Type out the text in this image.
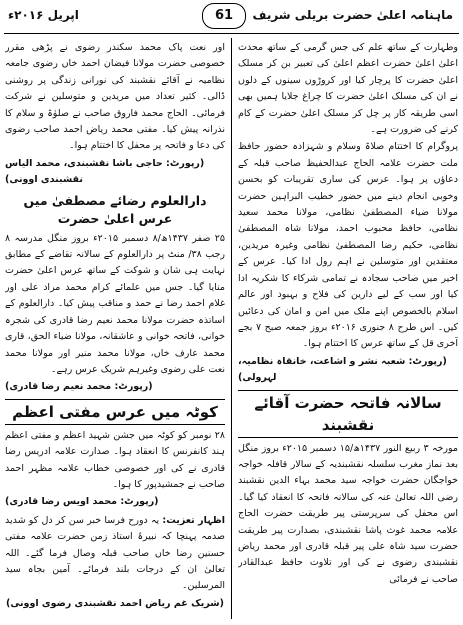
ماہنامہ اعلیٰ حضرت بریلی شریف
61
اپریل ۲۰۱۶ء

وطہارت کے ساتھ علم کی جس گرمی کے ساتھ محدث اعلیٰ اعلیٰ حضرت اعظم اعلیٰ کی تعبیر بن کر مسلک اعلیٰ حضرت کا پرچار کیا اور کروڑوں سینوں کے دلوں نے ان کی مسلک اعلیٰ حضرت کا چراغ جلایا ہمیں بھی اسی طریقہ کار پر چل کر مسلک اعلیٰ حضرت کے کام کرنے کی ضرورت ہے۔

پروگرام کا اختتام صلاۃ وسلام و شہزادہ حضور حافظ ملت حضرت علامہ الحاج عبدالحفیظ صاحب قبلہ کے دعاؤں پر ہوا۔ عرس کی ساری تقریبات کو بحسن وخوبی انجام دینے میں حضور خطیب البراہین حضرت مولانا ضیاء المصطفیٰ نظامی، مولانا محمد سعید نظامی، حافظ محبوب احمد، مولانا شاہ المصطفیٰ نظامی، حکیم رضا المصطفیٰ نظامی وغیرہ مریدین، معتقدین اور متوسلین نے اہم رول ادا کیا۔ عرس کے اخیر میں صاحب سجادہ نے تمامی شرکاء کا شکریہ ادا کیا اور سب کے لیے دارین کی فلاح و بہبود اور عالم اسلام بالخصوص اپنے ملک میں امن و امان کی دعائیں کیں۔ اس طرح ۸ جنوری ۲۰۱۶ء بروز جمعہ صبح ۷ بجے آخری قل کے ساتھ عرس کا اختتام ہوا۔

(رپورٹ: شعبہ نشر و اشاعت، خانقاہ نظامیہ، لہرولی)

سالانہ فاتحہ حضرت آقائے نقشبند

مورخہ ۳ ربیع النور ۱۴۳۷ھ/۱۵ دسمبر ۲۰۱۵ء بروز منگل بعد نماز مغرب سلسلہ نقشبندیہ کے سالار قافلہ خواجہ خواجگان حضرت خواجہ سید محمد بہاء الدین نقشبند رضی اللہ تعالیٰ عنہ کی سالانہ فاتحہ کا انعقاد کیا گیا۔ اس محفل کی سرپرستی پیر طریقت حضرت الحاج علامہ محمد غوث پاشا نقشبندی، بصدارت پیر طریقت حضرت سید شاہ علی پیر قبلہ قادری اور محمد ریاض نقشبندی رضوی نے کی اور تلاوت حافظ عبدالقادر صاحب نے فرمائی

اور نعت پاک محمد سکندر رضوی نے پڑھی مقرر خصوصی حضرت مولانا فیضان احمد خاں رضوی جامعہ نظامیہ نے آقائے نقشبند کی نورانی زندگی پر روشنی ڈالی۔ کثیر تعداد میں مریدین و متوسلین نے شرکت فرمائی۔ الحاج محمد فاروق صاحب نے صلوٰۃ و سلام کا نذرانہ پیش کیا۔ مفتی محمد ریاض احمد صاحب رضوی کی دعا و فاتحہ پر محفل کا اختتام ہوا۔

(رپورٹ: حاجی باشا نقشبندی، محمد الیاس نقشبندی اوونی)

دارالعلوم رضائے مصطفیٰ میں عرس اعلیٰ حضرت

۲۵ صفر ۱۴۳۷ھ/۸ دسمبر ۲۰۱۵ء بروز منگل مدرسہ ۸ رجب ۳۸/ منٹ پر دارالعلوم کے سالانہ تقاضے کے مطابق نہایت ہی شان و شوکت کے ساتھ عرس اعلیٰ حضرت منایا گیا۔ جس میں علمائے کرام محمد مراد علی اور غلام احمد رضا نے حمد و مناقب پیش کیا۔ دارالعلوم کے اساتذہ حضرت مولانا محمد نعیم رضا قادری کی شجرہ خوانی، فاتحہ خوانی و عاشقانہ، مولانا ضیاء الحق، قاری محمد عارف خاں، مولانا محمد منیر اور مولانا محمد نعت علی رضوی وغیرہم شریک عرس رہے۔

(رپورٹ: محمد نعیم رضا قادری)

کوٹہ میں عرس مفتی اعظم

۲۸ نومبر کو کوٹہ میں جشن شہید اعظم و مفتی اعظم ہند کانفرنس کا انعقاد ہوا۔ صدارت علامہ ادریس رضا قادری نے کی اور خصوصی خطاب علامہ مظہر احمد صاحب نے جمشیدپور کا ہوا۔

(رپورٹ: محمد اویس رضا قادری)

اظہار تعزیت: یہ دورح فرسا خبر سن کر دل کو شدید صدمہ پہنچا کہ نبیرۂ استاذ زمن حضرت علامہ مفتی حسنین رضا خاں صاحب قبلہ وصال فرما گئے۔ اللہ تعالیٰ ان کے درجات بلند فرمائے۔ آمین بجاہ سید المرسلین۔

(شریک غم ریاض احمد نقشبندی رضوی اوونی)
